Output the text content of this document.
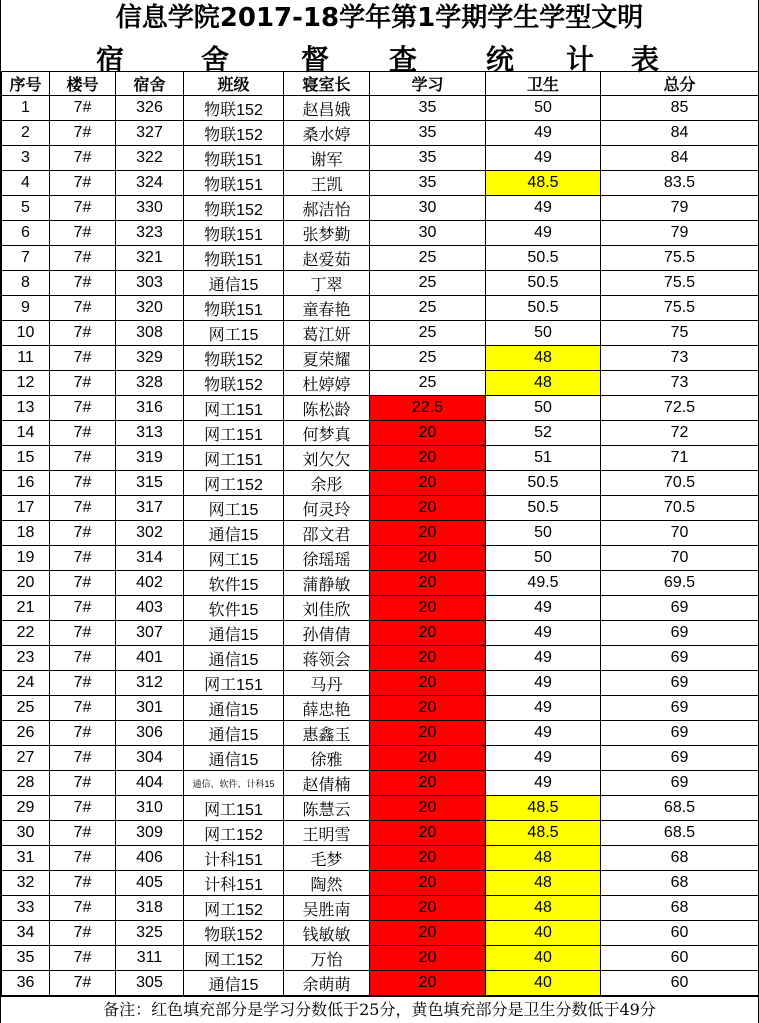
信息学院2017-18学年第1学期学生学型文明
宿	舍	督 查 统 计 表
序号	楼号	宿舍	班级	寝室长	学习	卫生	总分
1	7#	326	物联152	赵昌娥	35	50	85
2	7#	327	物联152	桑水婷	35	49	84
3	7#	322	物联151	谢军	35	49	84
4	7#	324	物联151	王凯	35	48.5	83.5
5	7#	330	物联152	郝洁怡	30	49	79
6	7#	323	物联151	张梦勤	30	49	79
7	7#	321	物联151	赵爱茹	25	50.5	75.5
8	7#	303	通信15	丁翠	25	50.5	75.5
9	7#	320	物联151	童春艳	25	50.5	75.5
10	7#	308	网工15	葛江妍	25	50	75
11	7#	329	物联152	夏荣耀	25	48	73
12	7#	328	物联152	杜婷婷	25	48	73
13	7#	316	网工151	陈松龄	22.5	50	72.5
14	7#	313	网工151	何梦真	20	52	72
15	7#	319	网工151	刘欠欠	20	51	71
16	7#	315	网工152	余彤	20	50.5	70.5
17	7#	317	网工15	何灵玲	20	50.5	70.5
18	7#	302	通信15	邵文君	20	50	70
19	7#	314	网工15	徐瑶瑶	20	50	70
20	7#	402	软件15	蒲静敏	20	49.5	69.5
21	7#	403	软件15	刘佳欣	20	49	69
22	7#	307	通信15	孙倩倩	20	49	69
23	7#	401	通信15	蒋领会	20	49	69
24	7#	312	网工151	马丹	20	49	69
25	7#	301	通信15	薛忠艳	20	49	69
26	7#	306	通信15	惠鑫玉	20	49	69
27	7#	304	通信15	徐雅	20	49	69
28	7#	404	通信、软件、计科15	赵倩楠	20	49	69
29	7#	310	网工151	陈慧云	20	48.5	68.5
30	7#	309	网工152	王明雪	20	48.5	68.5
31	7#	406	计科151	毛梦	20	48	68
32	7#	405	计科151	陶然	20	48	68
33	7#	318	网工152	吴胜南	20	48	68
34	7#	325	物联152	钱敏敏	20	40	60
35	7#	311	网工152	万怡	20	40	60
36	7#	305	通信15	余萌萌	20	40	60
备注：红色填充部分是学习分数低于25分，黄色填充部分是卫生分数低于49分
